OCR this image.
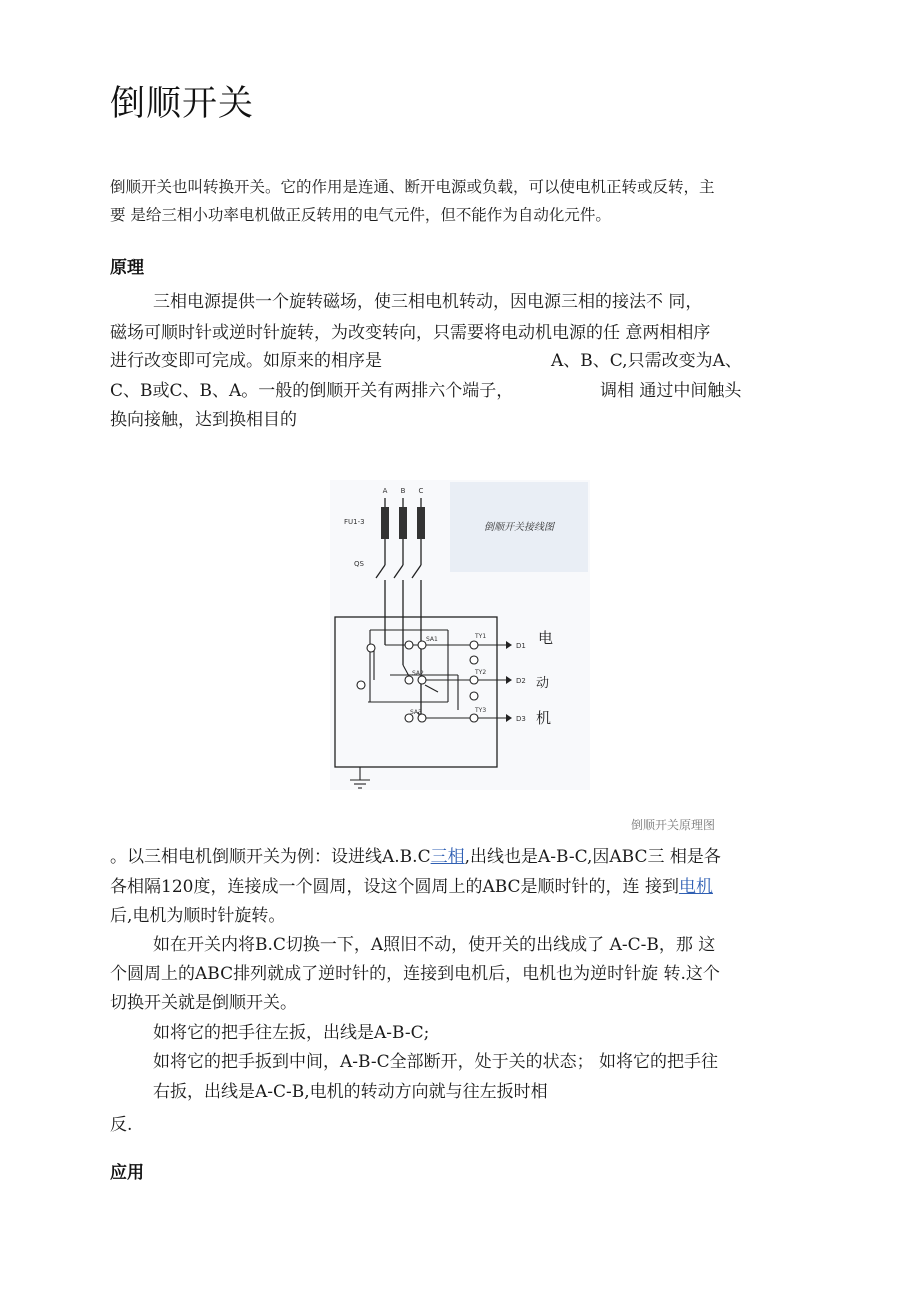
倒顺开关

倒顺开关也叫转换开关。它的作用是连通、断开电源或负载，可以使电机正转或反转，主
要 是给三相小功率电机做正反转用的电气元件，但不能作为自动化元件。

原理

三相电源提供一个旋转磁场，使三相电机转动，因电源三相的接法不 同，

磁场可顺时针或逆时针旋转，为改变转向，只需要将电动机电源的任 意两相相序

进行改变即可完成。如原来的相序是	A、B、C,只需改变为A、

C、B或C、B、A。一般的倒顺开关有两排六个端子，	调相 通过中间触头

换向接触，达到换相目的

倒顺开关接线图
A B C
FU1-3
QS
SA1
SA2
SA3
TY1
TY2
TY3
D1
D2
D3
电
动
机

倒顺开关原理图

。以三相电机倒顺开关为例：设进线A.B.C三相,出线也是A-B-C,因ABC三 相是各

各相隔120度，连接成一个圆周，设这个圆周上的ABC是顺时针的，连 接到电机

后,电机为顺时针旋转。

如在开关内将B.C切换一下，A照旧不动，使开关的出线成了 A-C-B，那 这

个圆周上的ABC排列就成了逆时针的，连接到电机后，电机也为逆时针旋 转.这个

切换开关就是倒顺开关。

如将它的把手往左扳，出线是A-B-C;

如将它的把手扳到中间，A-B-C全部断开，处于关的状态； 如将它的把手往

右扳，出线是A-C-B,电机的转动方向就与往左扳时相

反.

应用
